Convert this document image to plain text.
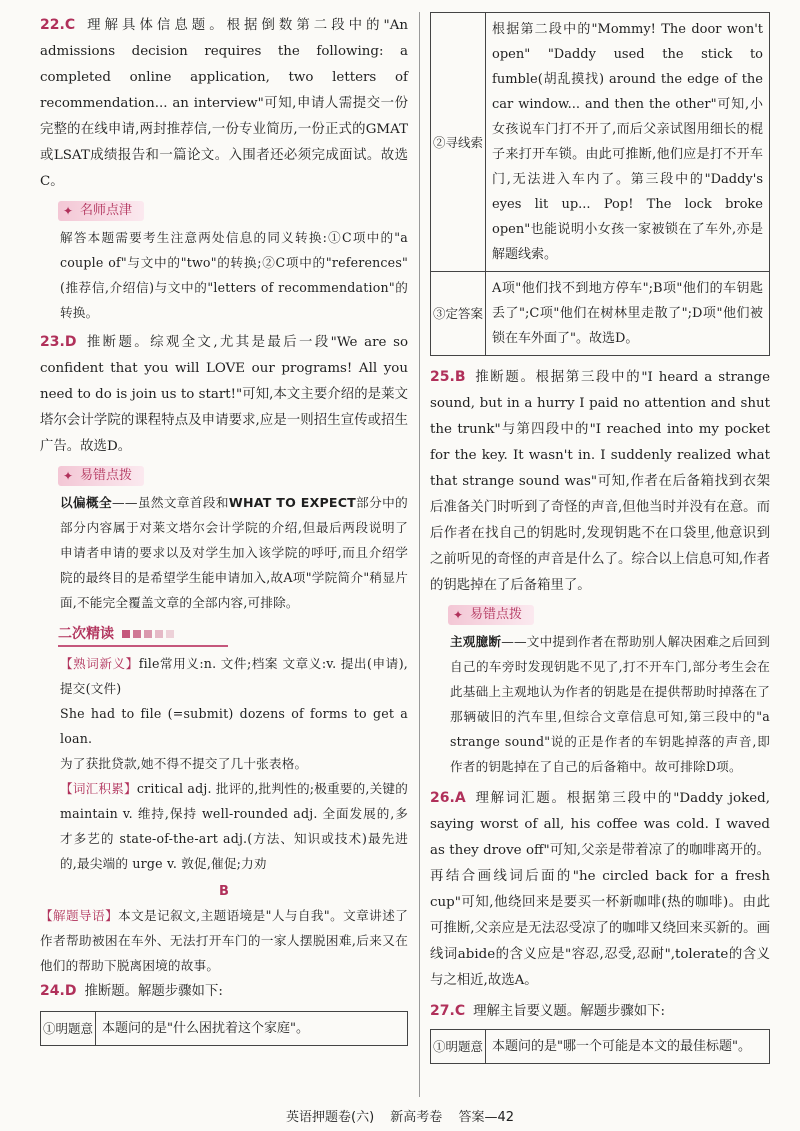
22.C 理解具体信息题。根据倒数第二段中的"An admissions decision requires the following: a completed online application, two letters of recommendation... an interview"可知,申请人需提交一份完整的在线申请,两封推荐信,一份专业简历,一份正式的GMAT或LSAT成绩报告和一篇论文。入围者还必须完成面试。故选C。

✦ 名师点津

解答本题需要考生注意两处信息的同义转换:①C项中的"a couple of"与文中的"two"的转换;②C项中的"references"(推荐信,介绍信)与文中的"letters of recommendation"的转换。

23.D 推断题。综观全文,尤其是最后一段"We are so confident that you will LOVE our programs! All you need to do is join us to start!"可知,本文主要介绍的是莱文塔尔会计学院的课程特点及申请要求,应是一则招生宣传或招生广告。故选D。

✦ 易错点拨

以偏概全——虽然文章首段和WHAT TO EXPECT部分中的部分内容属于对莱文塔尔会计学院的介绍,但最后两段说明了申请者申请的要求以及对学生加入该学院的呼吁,而且介绍学院的最终目的是希望学生能申请加入,故A项"学院简介"稍显片面,不能完全覆盖文章的全部内容,可排除。

二次精读

【熟词新义】file常用义:n. 文件;档案 文章义:v. 提出(申请),提交(文件)

She had to file (=submit) dozens of forms to get a loan.

为了获批贷款,她不得不提交了几十张表格。

【词汇积累】critical adj. 批评的,批判性的;极重要的,关键的 maintain v. 维持,保持 well-rounded adj. 全面发展的,多才多艺的 state-of-the-art adj.(方法、知识或技术)最先进的,最尖端的 urge v. 敦促,催促;力劝

B

【解题导语】本文是记叙文,主题语境是"人与自我"。文章讲述了作者帮助被困在车外、无法打开车门的一家人摆脱困难,后来又在他们的帮助下脱离困境的故事。

24.D 推断题。解题步骤如下:

①明题意	本题问的是"什么困扰着这个家庭"。
②寻线索	根据第二段中的"Mommy! The door won't open" "Daddy used the stick to fumble(胡乱摸找) around the edge of the car window... and then the other"可知,小女孩说车门打不开了,而后父亲试图用细长的棍子来打开车锁。由此可推断,他们应是打不开车门,无法进入车内了。第三段中的"Daddy's eyes lit up... Pop! The lock broke open"也能说明小女孩一家被锁在了车外,亦是解题线索。
③定答案	A项"他们找不到地方停车";B项"他们的车钥匙丢了";C项"他们在树林里走散了";D项"他们被锁在车外面了"。故选D。

25.B 推断题。根据第三段中的"I heard a strange sound, but in a hurry I paid no attention and shut the trunk"与第四段中的"I reached into my pocket for the key. It wasn't in. I suddenly realized what that strange sound was"可知,作者在后备箱找到衣架后准备关门时听到了奇怪的声音,但他当时并没有在意。而后作者在找自己的钥匙时,发现钥匙不在口袋里,他意识到之前听见的奇怪的声音是什么了。综合以上信息可知,作者的钥匙掉在了后备箱里了。

✦ 易错点拨

主观臆断——文中提到作者在帮助别人解决困难之后回到自己的车旁时发现钥匙不见了,打不开车门,部分考生会在此基础上主观地认为作者的钥匙是在提供帮助时掉落在了那辆破旧的汽车里,但综合文章信息可知,第三段中的"a strange sound"说的正是作者的车钥匙掉落的声音,即作者的钥匙掉在了自己的后备箱中。故可排除D项。

26.A 理解词汇题。根据第三段中的"Daddy joked, saying worst of all, his coffee was cold. I waved as they drove off"可知,父亲是带着凉了的咖啡离开的。再结合画线词后面的"he circled back for a fresh cup"可知,他绕回来是要买一杯新咖啡(热的咖啡)。由此可推断,父亲应是无法忍受凉了的咖啡又绕回来买新的。画线词abide的含义应是"容忍,忍受,忍耐",tolerate的含义与之相近,故选A。

27.C 理解主旨要义题。解题步骤如下:

①明题意	本题问的是"哪一个可能是本文的最佳标题"。
英语押题卷(六) 新高考卷 答案—42
